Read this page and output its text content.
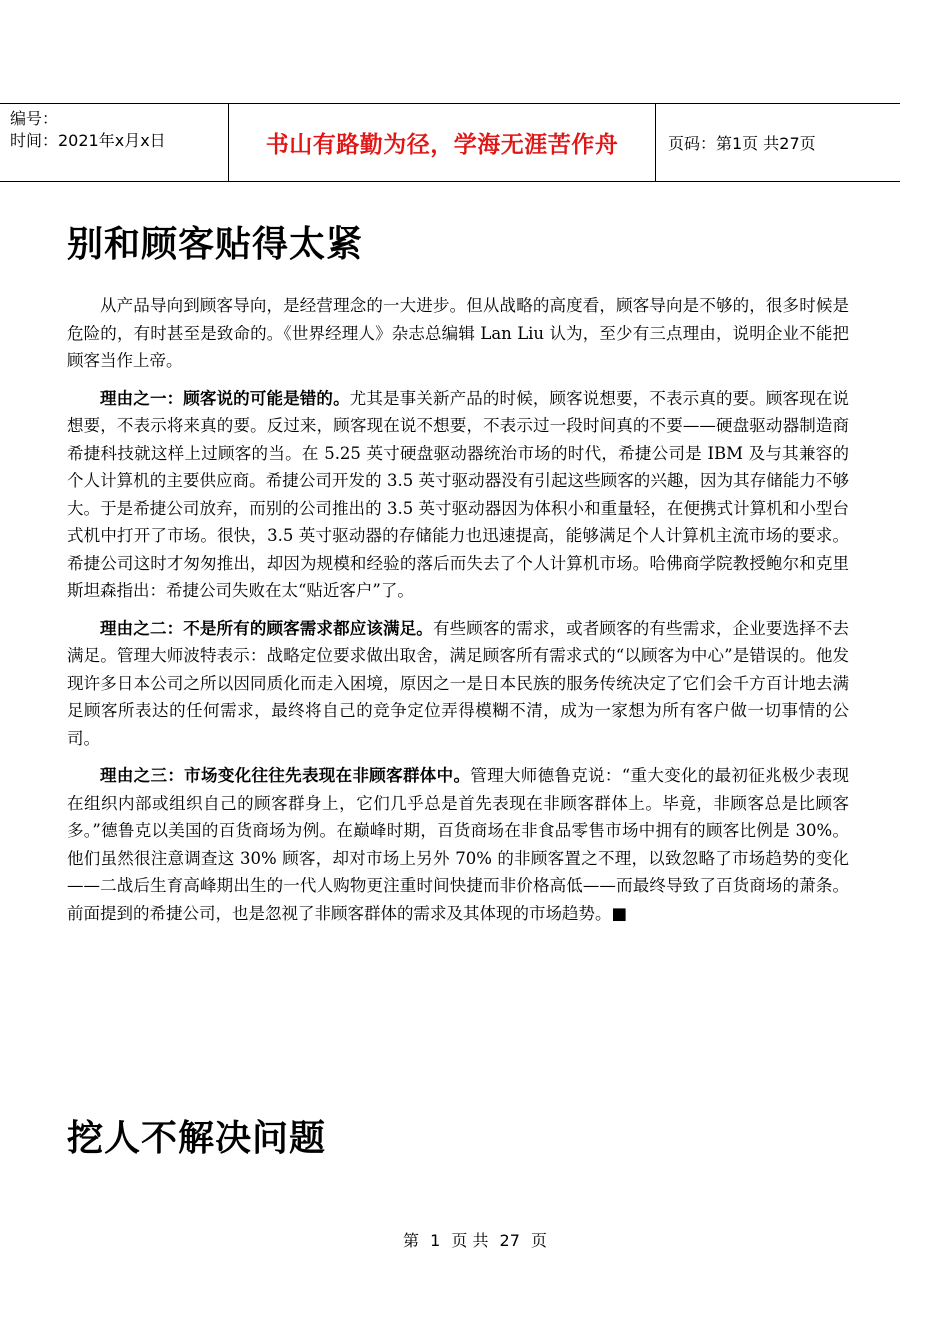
编号：
时间：2021年x月x日	书山有路勤为径，学海无涯苦作舟	页码：第1页 共27页
别和顾客贴得太紧

从产品导向到顾客导向，是经营理念的一大进步。但从战略的高度看，顾客导向是不够的，很多时候是危险的，有时甚至是致命的。《世界经理人》杂志总编辑 Lan Liu 认为，至少有三点理由，说明企业不能把顾客当作上帝。

理由之一：顾客说的可能是错的。尤其是事关新产品的时候，顾客说想要，不表示真的要。顾客现在说想要，不表示将来真的要。反过来，顾客现在说不想要，不表示过一段时间真的不要——硬盘驱动器制造商希捷科技就这样上过顾客的当。在 5.25 英寸硬盘驱动器统治市场的时代，希捷公司是 IBM 及与其兼容的个人计算机的主要供应商。希捷公司开发的 3.5 英寸驱动器没有引起这些顾客的兴趣，因为其存储能力不够大。于是希捷公司放弃，而别的公司推出的 3.5 英寸驱动器因为体积小和重量轻，在便携式计算机和小型台式机中打开了市场。很快，3.5 英寸驱动器的存储能力也迅速提高，能够满足个人计算机主流市场的要求。希捷公司这时才匆匆推出，却因为规模和经验的落后而失去了个人计算机市场。哈佛商学院教授鲍尔和克里斯坦森指出：希捷公司失败在太“贴近客户”了。

理由之二：不是所有的顾客需求都应该满足。有些顾客的需求，或者顾客的有些需求，企业要选择不去满足。管理大师波特表示：战略定位要求做出取舍，满足顾客所有需求式的“以顾客为中心”是错误的。他发现许多日本公司之所以因同质化而走入困境，原因之一是日本民族的服务传统决定了它们会千方百计地去满足顾客所表达的任何需求，最终将自己的竞争定位弄得模糊不清，成为一家想为所有客户做一切事情的公司。

理由之三：市场变化往往先表现在非顾客群体中。管理大师德鲁克说：“重大变化的最初征兆极少表现在组织内部或组织自己的顾客群身上，它们几乎总是首先表现在非顾客群体上。毕竟，非顾客总是比顾客多。”德鲁克以美国的百货商场为例。在巅峰时期，百货商场在非食品零售市场中拥有的顾客比例是 30%。他们虽然很注意调查这 30% 顾客，却对市场上另外 70% 的非顾客置之不理，以致忽略了市场趋势的变化——二战后生育高峰期出生的一代人购物更注重时间快捷而非价格高低——而最终导致了百货商场的萧条。前面提到的希捷公司，也是忽视了非顾客群体的需求及其体现的市场趋势。■

挖人不解决问题
第 1 页 共 27 页
